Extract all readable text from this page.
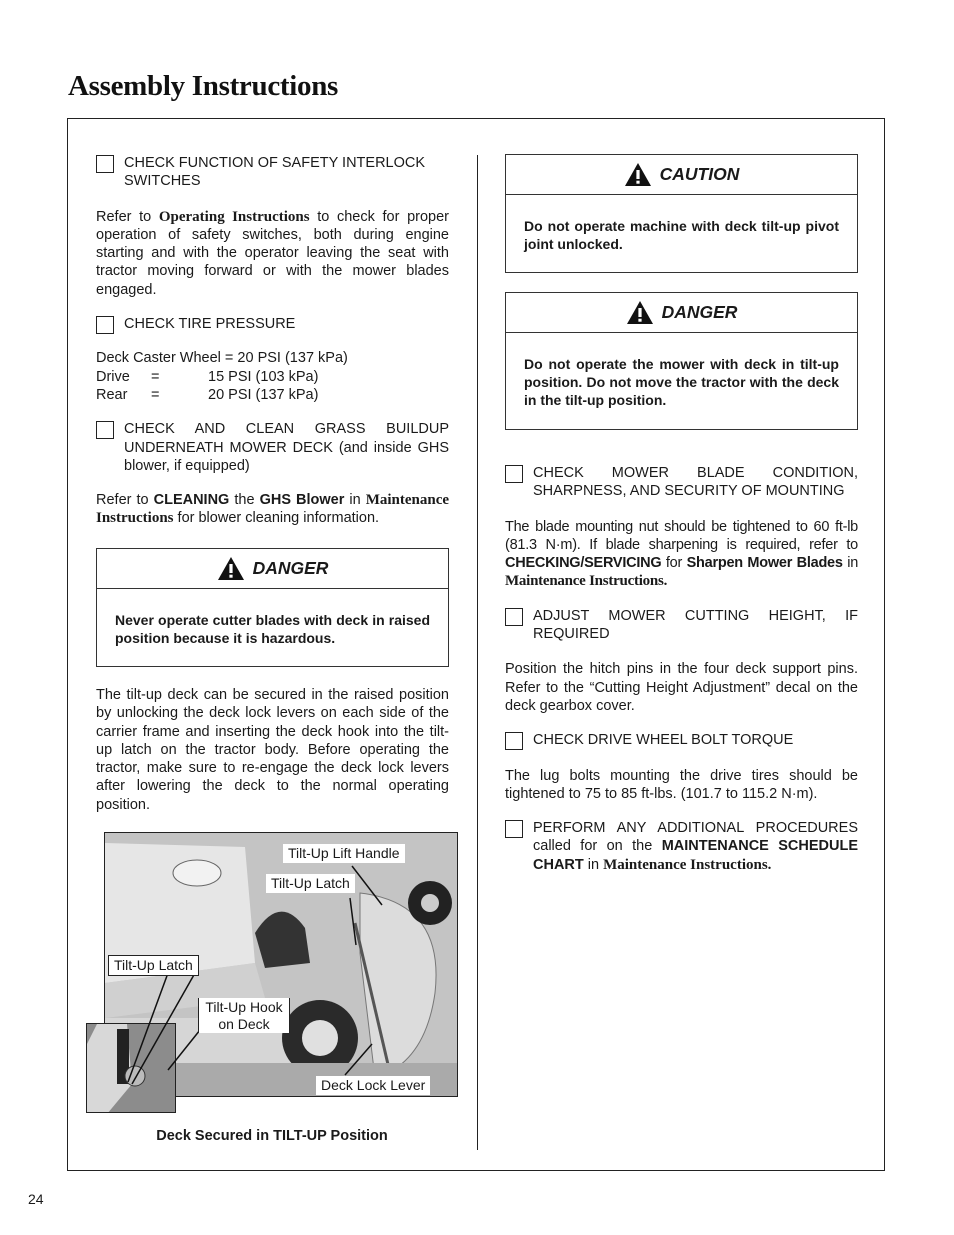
Assembly Instructions

CHECK FUNCTION OF SAFETY INTERLOCK SWITCHES

Refer to Operating Instructions to check for proper operation of safety switches, both during engine starting and with the operator leaving the seat with tractor moving forward or with the mower blades engaged.

CHECK TIRE PRESSURE

Deck Caster Wheel = 20 PSI (137 kPa)

Drive	=	15 PSI (103 kPa)
Rear	=	20 PSI (137 kPa)

CHECK AND CLEAN GRASS BUILDUP UNDERNEATH MOWER DECK (and inside GHS blower, if equipped)

Refer to CLEANING the GHS Blower in Maintenance Instructions for blower cleaning information.

DANGER
Never operate cutter blades with deck in raised position because it is hazardous.
The tilt-up deck can be secured in the raised position by unlocking the deck lock levers on each side of the carrier frame and inserting the deck hook into the tilt-up latch on the tractor body. Before operating the tractor, make sure to re-engage the deck lock levers after lowering the deck to the normal operating position.
Tilt-Up Lift Handle
Tilt-Up Latch
Tilt-Up Latch
Tilt-Up Hook on Deck
Deck Lock Lever
Deck Secured in TILT-UP Position
CAUTION
Do not operate machine with deck tilt-up pivot joint unlocked.
DANGER
Do not operate the mower with deck in tilt-up position. Do not move the tractor with the deck in the tilt-up position.

CHECK MOWER BLADE CONDITION, SHARPNESS, AND SECURITY OF MOUNTING

The blade mounting nut should be tightened to 60 ft-lb (81.3 N·m). If blade sharpening is required, refer to CHECKING/SERVICING for Sharpen Mower Blades in Maintenance Instructions.

ADJUST MOWER CUTTING HEIGHT, IF REQUIRED

Position the hitch pins in the four deck support pins. Refer to the “Cutting Height Adjustment” decal on the deck gearbox cover.

CHECK DRIVE WHEEL BOLT TORQUE

The lug bolts mounting the drive tires should be tightened to 75 to 85 ft-lbs. (101.7 to 115.2 N·m).

PERFORM ANY ADDITIONAL PROCEDURES called for on the MAINTENANCE SCHEDULE CHART in Maintenance Instructions.

24
